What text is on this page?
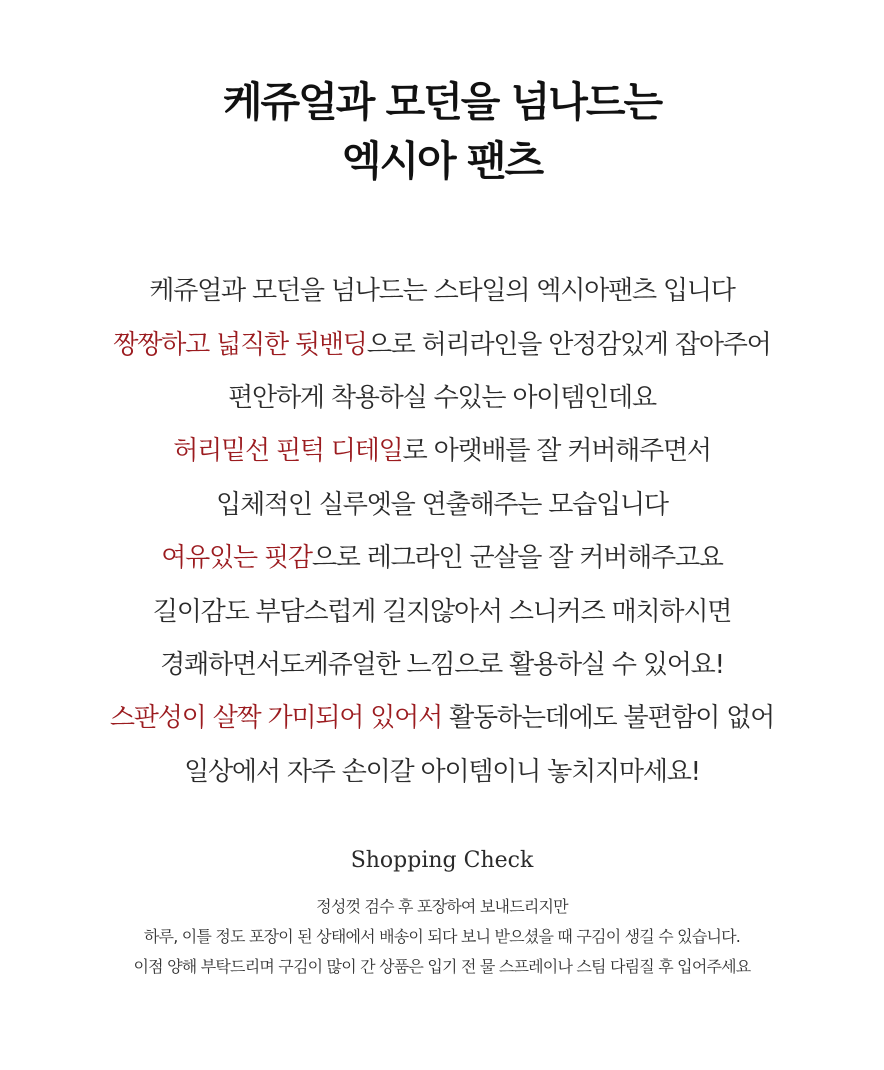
케쥬얼과 모던을 넘나드는
엑시아 팬츠
케쥬얼과 모던을 넘나드는 스타일의 엑시아팬츠 입니다
짱짱하고 넓직한 뒷밴딩 으로 허리라인을 안정감있게 잡아주어
편안하게 착용하실 수있는 아이템인데요
허리밑선 핀턱 디테일 로 아랫배를 잘 커버해주면서
입체적인 실루엣을 연출해주는 모습입니다
여유있는 핏감 으로 레그라인 군살을 잘 커버해주고요
길이감도 부담스럽게 길지않아서 스니커즈 매치하시면
경쾌하면서도케쥬얼한 느낌으로 활용하실 수 있어요!
스판성이 살짝 가미되어 있어서 활동하는데에도 불편함이 없어
일상에서 자주 손이갈 아이템이니 놓치지마세요!
Shopping Check
정성껏 검수 후 포장하여 보내드리지만
하루, 이틀 정도 포장이 된 상태에서 배송이 되다 보니 받으셨을 때 구김이 생길 수 있습니다.
이점 양해 부탁드리며 구김이 많이 간 상품은 입기 전 물 스프레이나 스팀 다림질 후 입어주세요
